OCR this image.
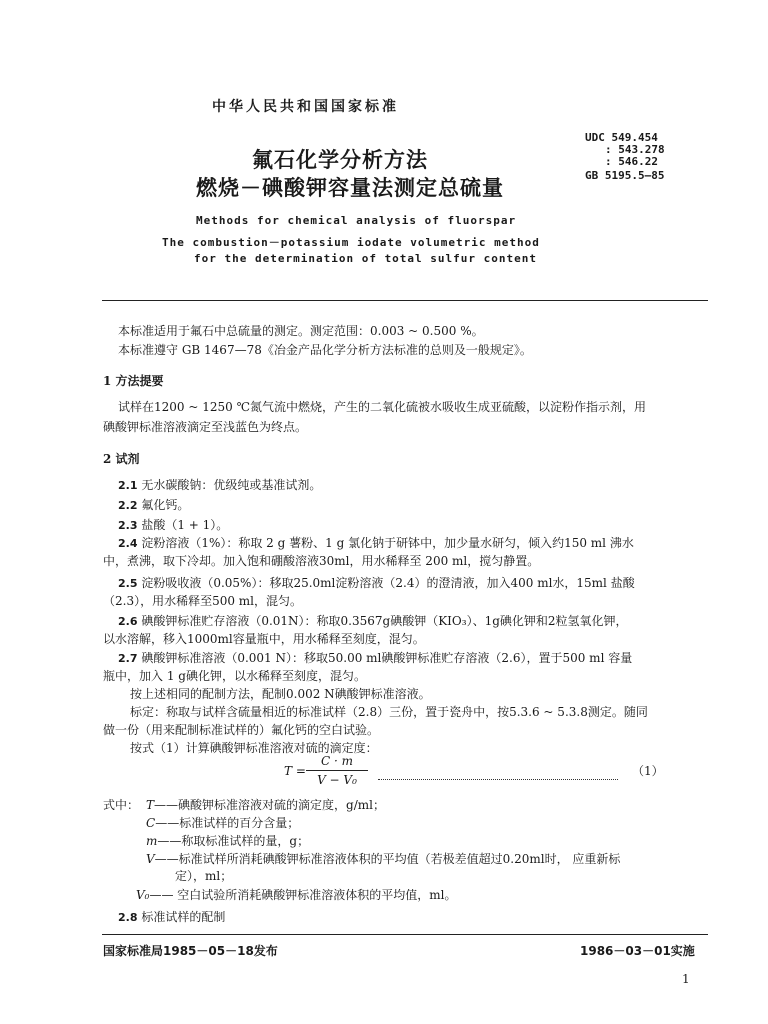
中华人民共和国国家标准
氟石化学分析方法
燃烧－碘酸钾容量法测定总硫量
UDC 549.454
: 543.278
: 546.22
GB 5195.5—85
Methods for chemical analysis of fluorspar
The combustion－potassium iodate volumetric method
for the determination of total sulfur content
本标准适用于氟石中总硫量的测定。测定范围：0.003 ~ 0.500 %。
本标准遵守 GB 1467—78《冶金产品化学分析方法标准的总则及一般规定》。
1 方法提要
试样在1200 ~ 1250 ℃氮气流中燃烧，产生的二氧化硫被水吸收生成亚硫酸，以淀粉作指示剂，用
碘酸钾标准溶液滴定至浅蓝色为终点。
2 试剂
2.1 无水碳酸钠：优级纯或基准试剂。
2.2 氟化钙。
2.3 盐酸（1 + 1）。
2.4 淀粉溶液（1%）：称取 2 g 薯粉、1 g 氯化钠于研钵中，加少量水研匀，倾入约150 ml 沸水
中，煮沸，取下冷却。加入饱和硼酸溶液30ml，用水稀释至 200 ml，搅匀静置。
2.5 淀粉吸收液（0.05%）：移取25.0ml淀粉溶液（2.4）的澄清液，加入400 ml水，15ml 盐酸
（2.3），用水稀释至500 ml，混匀。
2.6 碘酸钾标准贮存溶液（0.01N）：称取0.3567g碘酸钾（KIO₃）、1g碘化钾和2粒氢氧化钾，
以水溶解，移入1000ml容量瓶中，用水稀释至刻度，混匀。
2.7 碘酸钾标准溶液（0.001 N）：移取50.00 ml碘酸钾标准贮存溶液（2.6），置于500 ml 容量
瓶中，加入 1 g碘化钾，以水稀释至刻度，混匀。
按上述相同的配制方法，配制0.002 N碘酸钾标准溶液。
标定：称取与试样含硫量相近的标准试样（2.8）三份，置于瓷舟中，按5.3.6 ~ 5.3.8测定。随同
做一份（用来配制标准试样的）氟化钙的空白试验。
按式（1）计算碘酸钾标准溶液对硫的滴定度：
T =
C · m
V − V₀
（1）
式中： T——碘酸钾标准溶液对硫的滴定度，g/ml；
C——标准试样的百分含量；
m——称取标准试样的量，g；
V——标准试样所消耗碘酸钾标准溶液体积的平均值（若极差值超过0.20ml时， 应重新标
定），ml；
V₀—— 空白试验所消耗碘酸钾标准溶液体积的平均值，ml。
2.8 标准试样的配制
国家标准局1985－05－18发布	1986－03－01实施
1
